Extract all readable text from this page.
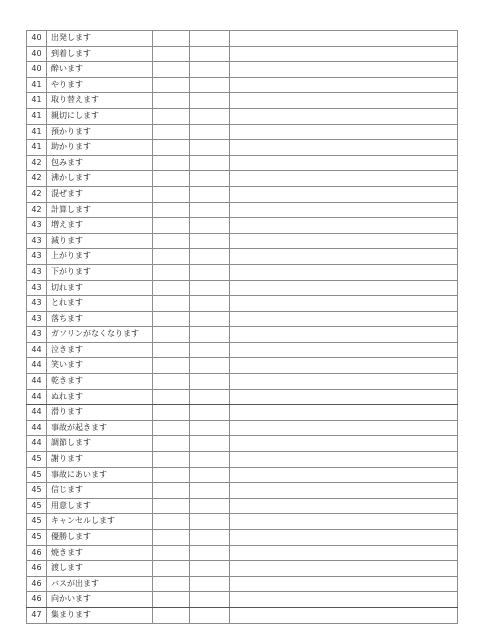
40	出発します			
40	到着します			
40	酔います			
41	やります			
41	取り替えます			
41	親切にします			
41	預かります			
41	助かります			
42	包みます			
42	沸かします			
42	混ぜます			
42	計算します			
43	増えます			
43	減ります			
43	上がります			
43	下がります			
43	切れます			
43	とれます			
43	落ちます			
43	ガソリンがなくなります			
44	泣きます			
44	笑います			
44	乾きます			
44	ぬれます			
44	滑ります			
44	事故が起きます			
44	調節します			
45	謝ります			
45	事故にあいます			
45	信じます			
45	用意します			
45	キャンセルします			
45	優勝します			
46	焼きます			
46	渡します			
46	バスが出ます			
46	向かいます			
47	集まります			
